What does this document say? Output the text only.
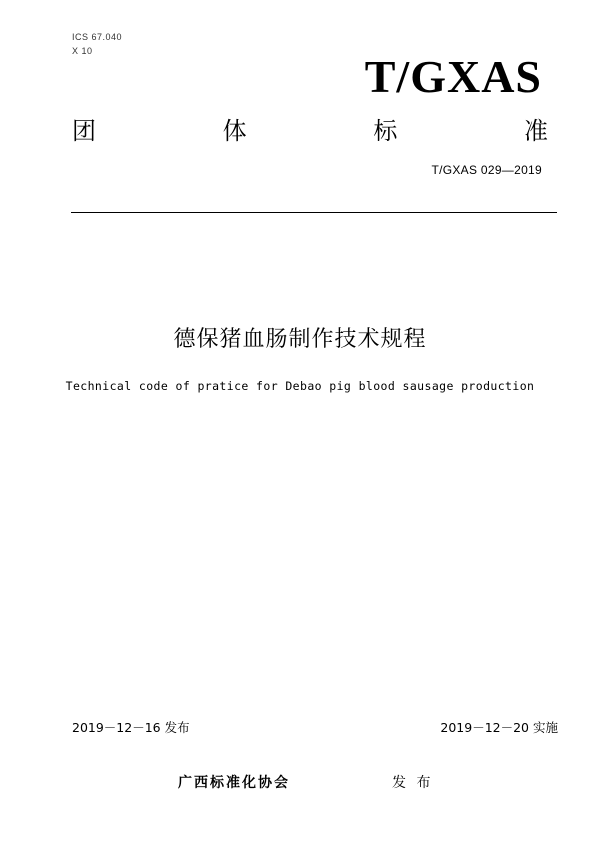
ICS 67.040
X 10	T/GXAS
团	体	标	准
T/GXAS 029—2019
德保猪血肠制作技术规程
Technical code of pratice for Debao pig blood sausage production
2019－12－16 发布	2019－12－20 实施
广西标准化协会	发 布
